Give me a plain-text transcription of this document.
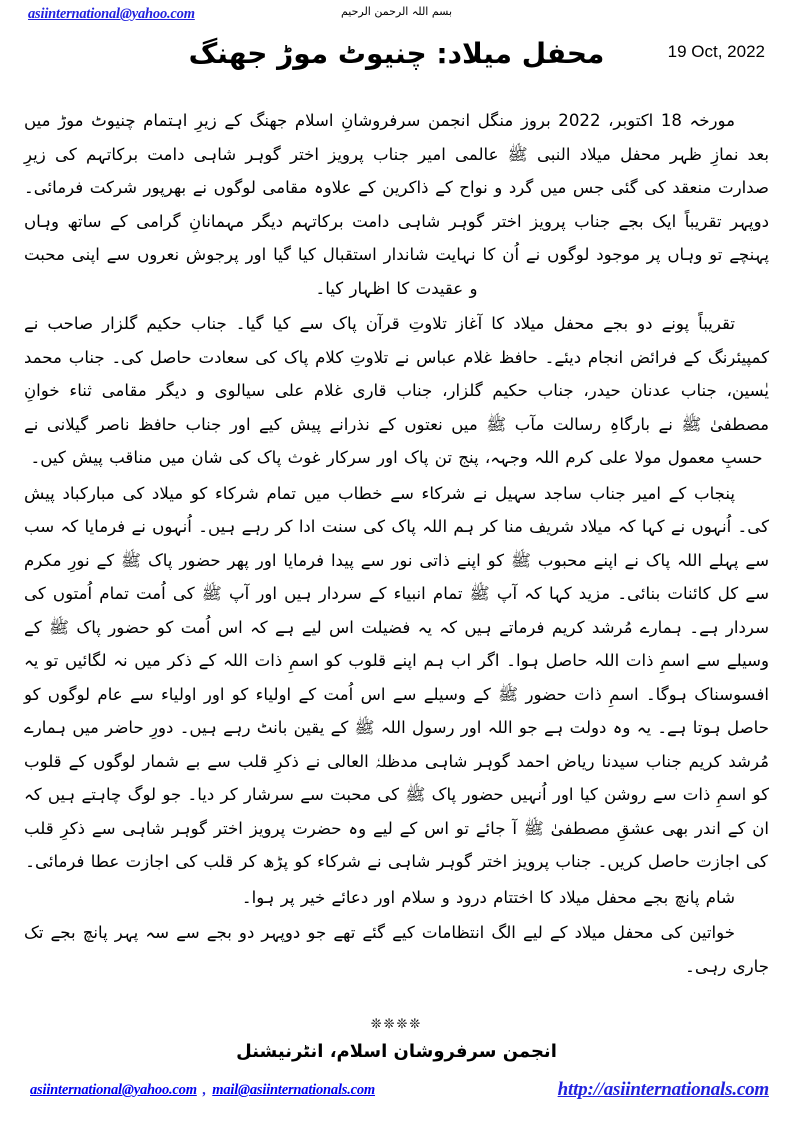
asiinternational@yahoo.com	بسم اللہ الرحمن الرحیم
محفل میلاد: چنیوٹ موڑ جھنگ	19 Oct, 2022

مورخہ 18 اکتوبر، 2022 بروز منگل انجمن سرفروشانِ اسلام جھنگ کے زیرِ اہتمام چنیوٹ موڑ میں بعد نمازِ ظہر محفل میلاد النبی ﷺ عالمی امیر جناب پرویز اختر گوہر شاہی دامت برکاتہم کی زیرِ صدارت منعقد کی گئی جس میں گرد و نواح کے ذاکرین کے علاوہ مقامی لوگوں نے بھرپور شرکت فرمائی۔ دوپہر تقریباً ایک بجے جناب پرویز اختر گوہر شاہی دامت برکاتہم دیگر مہمانانِ گرامی کے ساتھ وہاں پہنچے تو وہاں پر موجود لوگوں نے اُن کا نہایت شاندار استقبال کیا گیا اور پرجوش نعروں سے اپنی محبت و عقیدت کا اظہار کیا۔

تقریباً پونے دو بجے محفل میلاد کا آغاز تلاوتِ قرآن پاک سے کیا گیا۔ جناب حکیم گلزار صاحب نے کمپیئرنگ کے فرائض انجام دیئے۔ حافظ غلام عباس نے تلاوتِ کلام پاک کی سعادت حاصل کی۔ جناب محمد یٰسین، جناب عدنان حیدر، جناب حکیم گلزار، جناب قاری غلام علی سیالوی و دیگر مقامی ثناء خوانِ مصطفیٰ ﷺ نے بارگاہِ رسالت مآب ﷺ میں نعتوں کے نذرانے پیش کیے اور جناب حافظ ناصر گیلانی نے حسبِ معمول مولا علی کرم اللہ وجہہ، پنج تن پاک اور سرکار غوث پاک کی شان میں مناقب پیش کیں۔

پنجاب کے امیر جناب ساجد سہیل نے شرکاء سے خطاب میں تمام شرکاء کو میلاد کی مبارکباد پیش کی۔ اُنہوں نے کہا کہ میلاد شریف منا کر ہم اللہ پاک کی سنت ادا کر رہے ہیں۔ اُنہوں نے فرمایا کہ سب سے پہلے اللہ پاک نے اپنے محبوب ﷺ کو اپنے ذاتی نور سے پیدا فرمایا اور پھر حضور پاک ﷺ کے نورِ مکرم سے کل کائنات بنائی۔ مزید کہا کہ آپ ﷺ تمام انبیاء کے سردار ہیں اور آپ ﷺ کی اُمت تمام اُمتوں کی سردار ہے۔ ہمارے مُرشد کریم فرماتے ہیں کہ یہ فضیلت اس لیے ہے کہ اس اُمت کو حضور پاک ﷺ کے وسیلے سے اسمِ ذات اللہ حاصل ہوا۔ اگر اب ہم اپنے قلوب کو اسمِ ذات اللہ کے ذکر میں نہ لگائیں تو یہ افسوسناک ہوگا۔ اسمِ ذات حضور ﷺ کے وسیلے سے اس اُمت کے اولیاء کو اور اولیاء سے عام لوگوں کو حاصل ہوتا ہے۔ یہ وہ دولت ہے جو اللہ اور رسول اللہ ﷺ کے یقین بانٹ رہے ہیں۔ دورِ حاضر میں ہمارے مُرشد کریم جناب سیدنا ریاض احمد گوہر شاہی مدظلہٗ العالی نے ذکرِ قلب سے بے شمار لوگوں کے قلوب کو اسمِ ذات سے روشن کیا اور اُنہیں حضور پاک ﷺ کی محبت سے سرشار کر دیا۔ جو لوگ چاہتے ہیں کہ ان کے اندر بھی عشقِ مصطفیٰ ﷺ آ جائے تو اس کے لیے وہ حضرت پرویز اختر گوہر شاہی سے ذکرِ قلب کی اجازت حاصل کریں۔ جناب پرویز اختر گوہر شاہی نے شرکاء کو پڑھ کر قلب کی اجازت عطا فرمائی۔

شام پانچ بجے محفل میلاد کا اختتام درود و سلام اور دعائے خیر پر ہوا۔

خواتین کی محفل میلاد کے لیے الگ انتظامات کیے گئے تھے جو دوپہر دو بجے سے سہ پہر پانچ بجے تک جاری رہی۔

❊❊❊❊
انجمن سرفروشان اسلام، انٹرنیشنل
asiinternational@yahoo.com , mail@asiinternationals.com	http://asiinternationals.com
